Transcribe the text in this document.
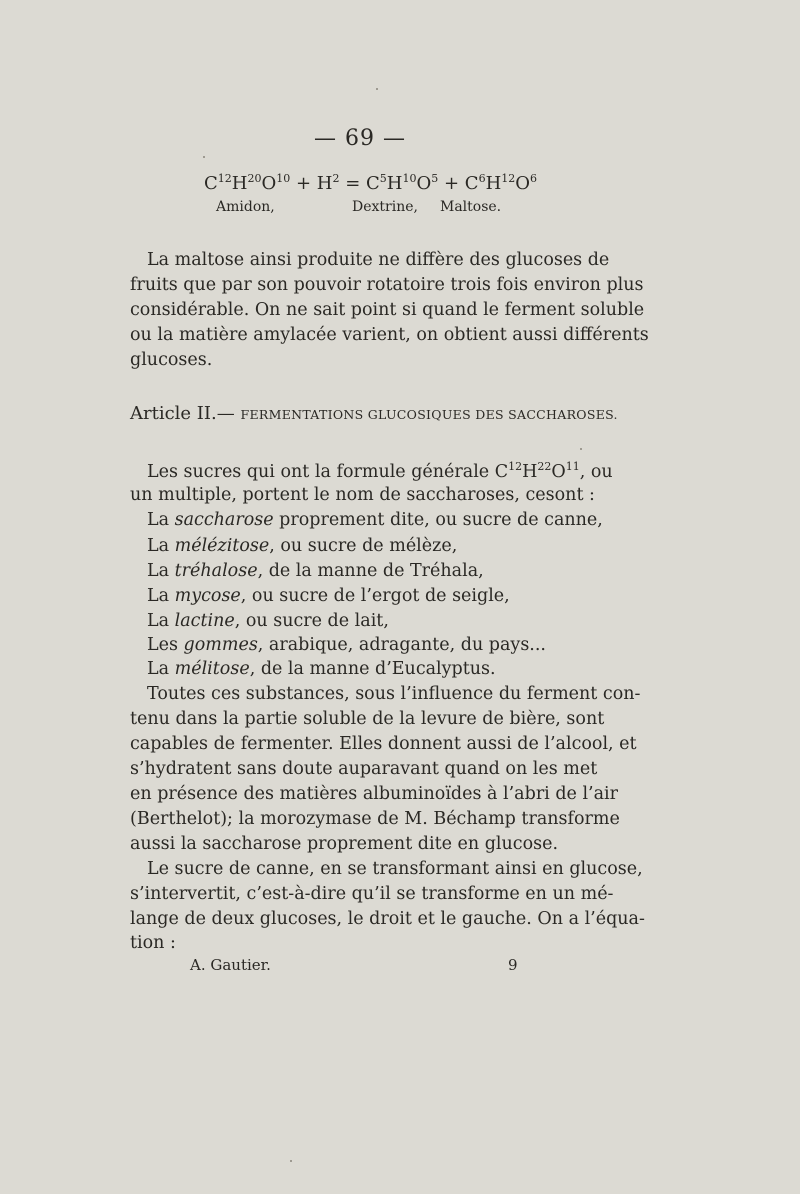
— 69 —
$C^{12}H^{20}O^{10} + H^2 = C^5H^{10}O^5 + C^6H^{12}O^6$
Amidon,	Dextrine, Maltose.
La maltose ainsi produite ne diffère des glucoses de
fruits que par son pouvoir rotatoire trois fois environ plus
considérable. On ne sait point si quand le ferment soluble
ou la matière amylacée varient, on obtient aussi différents
glucoses.
Article II.— FERMENTATIONS GLUCOSIQUES DES SACCHAROSES.
Les sucres qui ont la formule générale $C^{12}H^{22}O^{11}$, ou
un multiple, portent le nom de saccharoses, cesont :
La saccharose proprement dite, ou sucre de canne,
La mélézitose, ou sucre de mélèze,
La tréhalose, de la manne de Tréhala,
La mycose, ou sucre de l’ergot de seigle,
La lactine, ou sucre de lait,
Les gommes, arabique, adragante, du pays...
La mélitose, de la manne d’Eucalyptus.
Toutes ces substances, sous l’influence du ferment con-
tenu dans la partie soluble de la levure de bière, sont
capables de fermenter. Elles donnent aussi de l’alcool, et
s’hydratent sans doute auparavant quand on les met
en présence des matières albuminoïdes à l’abri de l’air
(Berthelot); la morozymase de M. Béchamp transforme
aussi la saccharose proprement dite en glucose.
Le sucre de canne, en se transformant ainsi en glucose,
s’intervertit, c’est-à-dire qu’il se transforme en un mé-
lange de deux glucoses, le droit et le gauche. On a l’équa-
tion :
A. Gautier.	9
